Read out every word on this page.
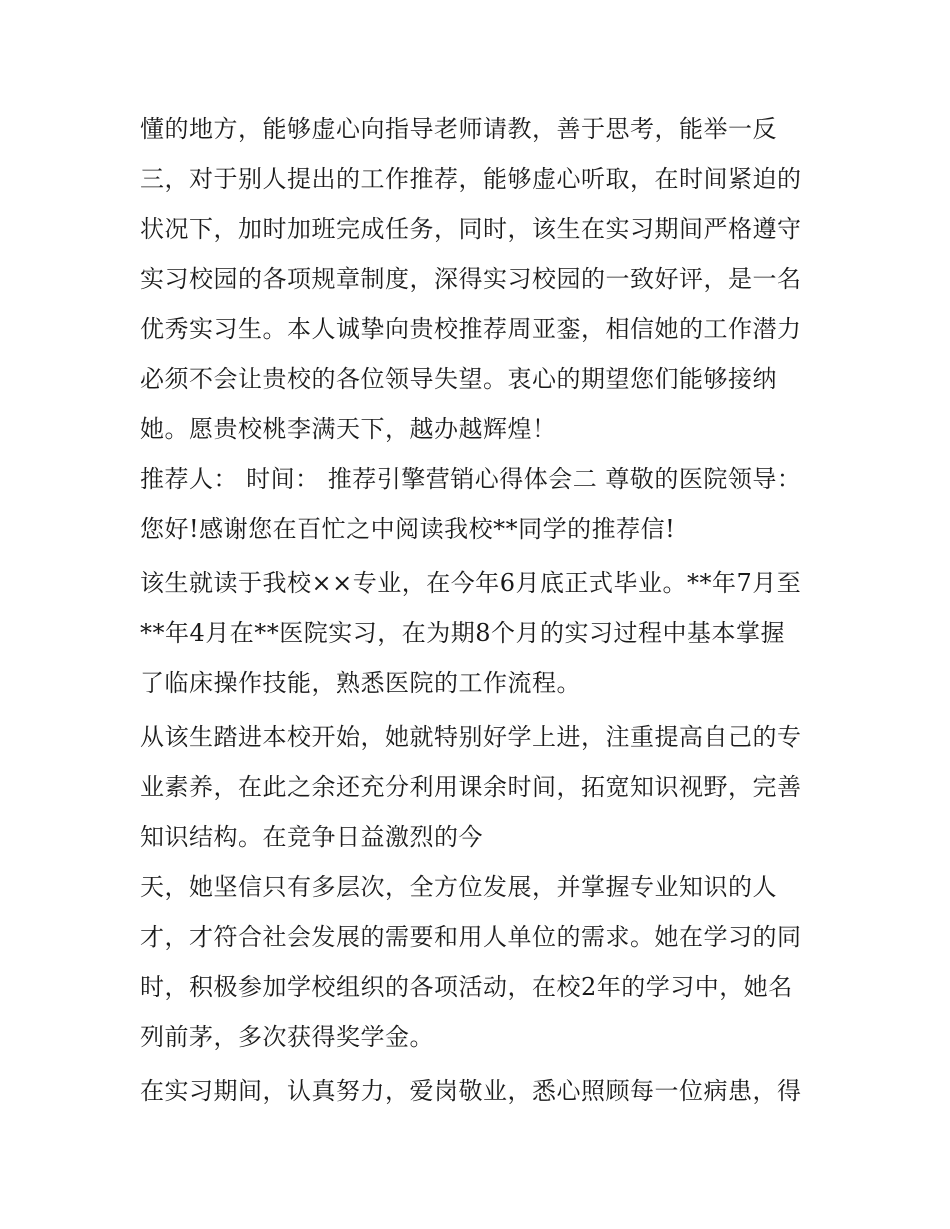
懂的地方，能够虚心向指导老师请教，善于思考，能举一反
三，对于别人提出的工作推荐，能够虚心听取，在时间紧迫的
状况下，加时加班完成任务，同时，该生在实习期间严格遵守
实习校园的各项规章制度，深得实习校园的一致好评，是一名
优秀实习生。本人诚挚向贵校推荐周亚銮，相信她的工作潜力
必须不会让贵校的各位领导失望。衷心的期望您们能够接纳
她。愿贵校桃李满天下，越办越辉煌！
推荐人： 时间： 推荐引擎营销心得体会二 尊敬的医院领导：
您好!感谢您在百忙之中阅读我校**同学的推荐信!
该生就读于我校××专业，在今年6月底正式毕业。**年7月至
**年4月在**医院实习，在为期8个月的实习过程中基本掌握
了临床操作技能，熟悉医院的工作流程。
从该生踏进本校开始，她就特别好学上进，注重提高自己的专
业素养，在此之余还充分利用课余时间，拓宽知识视野，完善
知识结构。在竞争日益激烈的今
天，她坚信只有多层次，全方位发展，并掌握专业知识的人
才，才符合社会发展的需要和用人单位的需求。她在学习的同
时，积极参加学校组织的各项活动，在校2年的学习中，她名
列前茅，多次获得奖学金。
在实习期间，认真努力，爱岗敬业，悉心照顾每一位病患，得
